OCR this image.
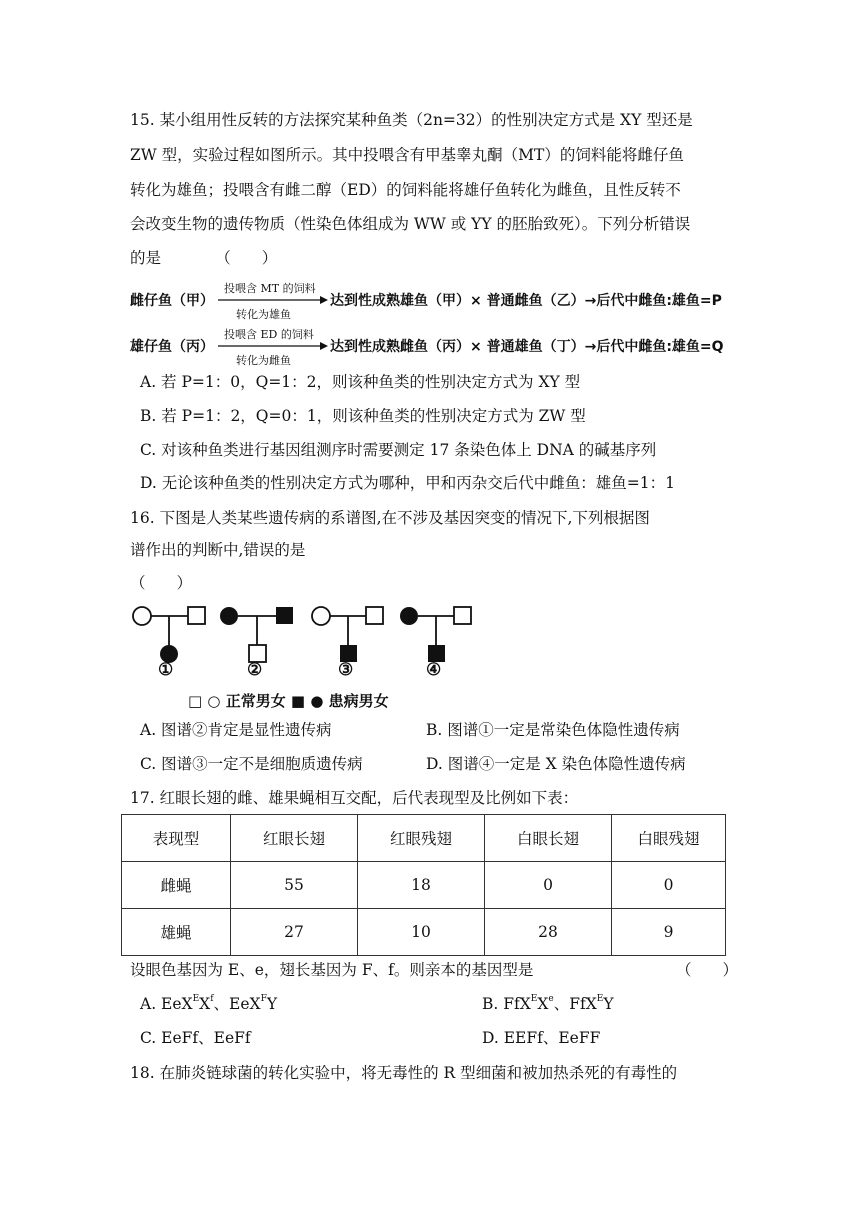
15. 某小组用性反转的方法探究某种鱼类（2n=32）的性别决定方式是 XY 型还是
ZW 型，实验过程如图所示。其中投喂含有甲基睾丸酮（MT）的饲料能将雌仔鱼
转化为雄鱼；投喂含有雌二醇（ED）的饲料能将雄仔鱼转化为雌鱼，且性反转不
会改变生物的遗传物质（性染色体组成为 WW 或 YY 的胚胎致死）。下列分析错误
的是　　　　（　　）
雌仔鱼（甲）
投喂含 MT 的饲料
转化为雄鱼
达到性成熟雄鱼（甲）× 普通雌鱼（乙）→后代中雌鱼:雄鱼=P
雄仔鱼（丙）
投喂含 ED 的饲料
转化为雌鱼
达到性成熟雌鱼（丙）× 普通雄鱼（丁）→后代中雌鱼:雄鱼=Q
A. 若 P=1：0，Q=1：2，则该种鱼类的性别决定方式为 XY 型
B. 若 P=1：2，Q=0：1，则该种鱼类的性别决定方式为 ZW 型
C. 对该种鱼类进行基因组测序时需要测定 17 条染色体上 DNA 的碱基序列
D. 无论该种鱼类的性别决定方式为哪种，甲和丙杂交后代中雌鱼：雄鱼=1：1
16. 下图是人类某些遗传病的系谱图,在不涉及基因突变的情况下,下列根据图
谱作出的判断中,错误的是
（　　）
①	②	③	④
□ ○ 正常男女 ■ ● 患病男女
A. 图谱②肯定是显性遗传病	B. 图谱①一定是常染色体隐性遗传病
C. 图谱③一定不是细胞质遗传病	D. 图谱④一定是 X 染色体隐性遗传病
17. 红眼长翅的雌、雄果蝇相互交配，后代表现型及比例如下表：
表现型	红眼长翅	红眼残翅	白眼长翅	白眼残翅
雌蝇	55	18	0	0
雄蝇	27	10	28	9
设眼色基因为 E、e，翅长基因为 F、f。则亲本的基因型是	（　　）
A. $EeX^EX^f$、EeX$^F$Y	B. FfX$^E$Xe、FfX$^E$Y
C. EeFf、EeFf	D. EEFf、EeFF
18. 在肺炎链球菌的转化实验中，将无毒性的 R 型细菌和被加热杀死的有毒性的
